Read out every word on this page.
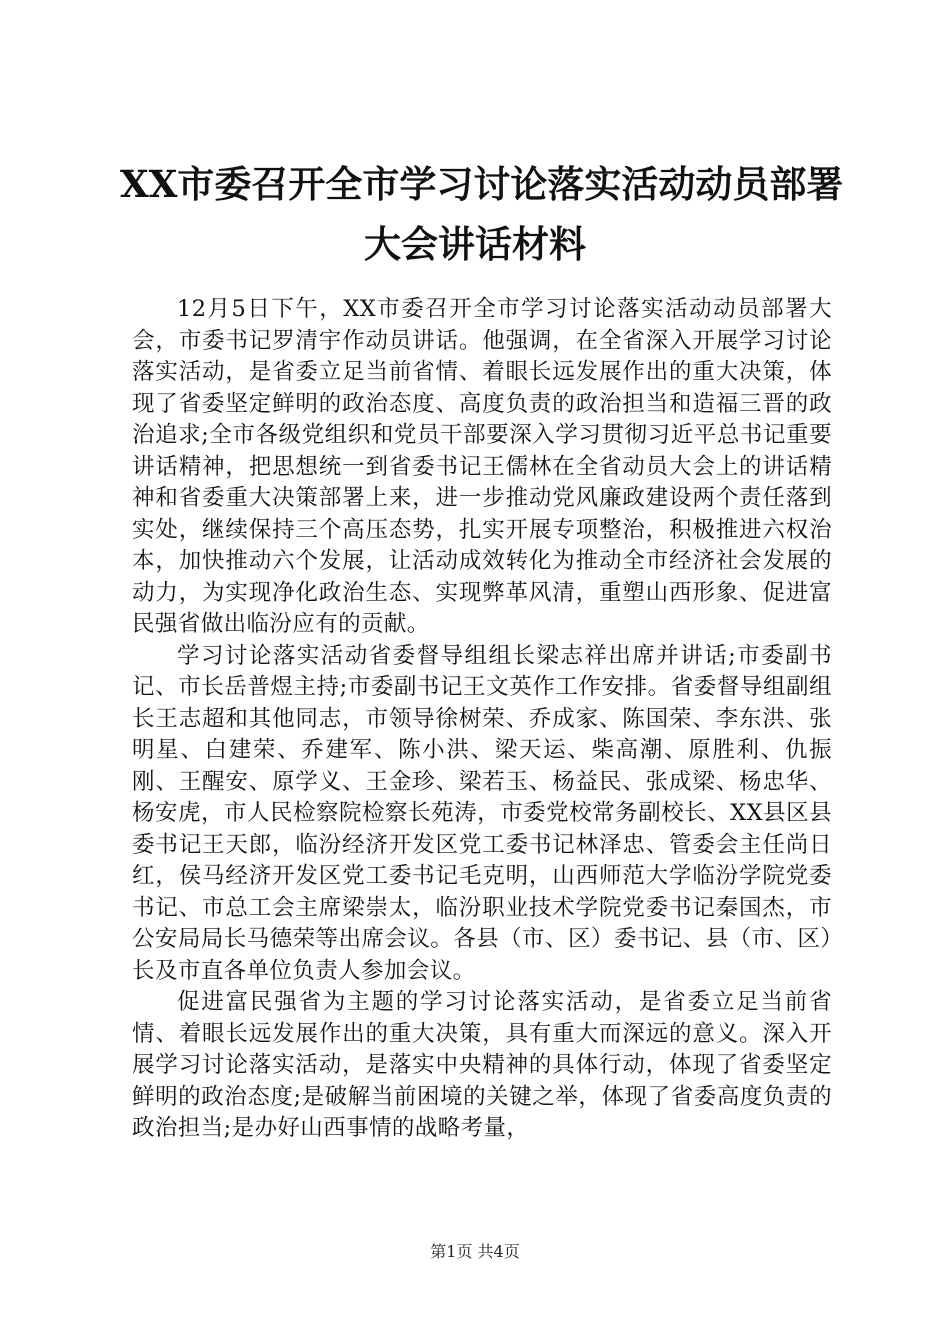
XX市委召开全市学习讨论落实活动动员部署
大会讲话材料

12月5日下午，XX市委召开全市学习讨论落实活动动员部署大会，市委书记罗清宇作动员讲话。他强调，在全省深入开展学习讨论落实活动，是省委立足当前省情、着眼长远发展作出的重大决策，体现了省委坚定鲜明的政治态度、高度负责的政治担当和造福三晋的政治追求;全市各级党组织和党员干部要深入学习贯彻习近平总书记重要讲话精神，把思想统一到省委书记王儒林在全省动员大会上的讲话精神和省委重大决策部署上来，进一步推动党风廉政建设两个责任落到实处，继续保持三个高压态势，扎实开展专项整治，积极推进六权治本，加快推动六个发展，让活动成效转化为推动全市经济社会发展的动力，为实现净化政治生态、实现弊革风清，重塑山西形象、促进富民强省做出临汾应有的贡献。

学习讨论落实活动省委督导组组长梁志祥出席并讲话;市委副书记、市长岳普煜主持;市委副书记王文英作工作安排。省委督导组副组长王志超和其他同志，市领导徐树荣、乔成家、陈国荣、李东洪、张明星、白建荣、乔建军、陈小洪、梁天运、柴高潮、原胜利、仇振刚、王醒安、原学义、王金珍、梁若玉、杨益民、张成梁、杨忠华、杨安虎，市人民检察院检察长苑涛，市委党校常务副校长、XX县区县委书记王天郎，临汾经济开发区党工委书记林泽忠、管委会主任尚日红，侯马经济开发区党工委书记毛克明，山西师范大学临汾学院党委书记、市总工会主席梁崇太，临汾职业技术学院党委书记秦国杰，市公安局局长马德荣等出席会议。各县（市、区）委书记、县（市、区）长及市直各单位负责人参加会议。

促进富民强省为主题的学习讨论落实活动，是省委立足当前省情、着眼长远发展作出的重大决策，具有重大而深远的意义。深入开展学习讨论落实活动，是落实中央精神的具体行动，体现了省委坚定鲜明的政治态度;是破解当前困境的关键之举，体现了省委高度负责的政治担当;是办好山西事情的战略考量，

第1页 共4页
